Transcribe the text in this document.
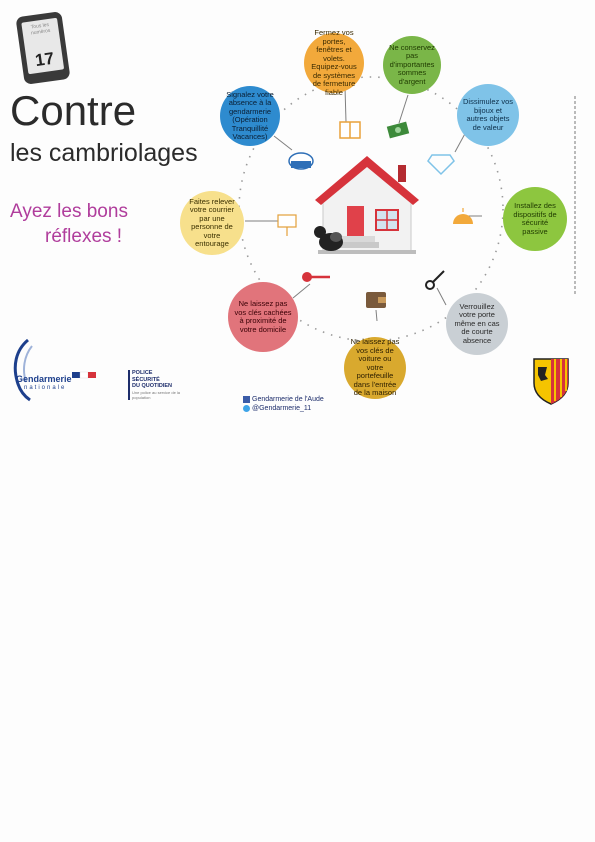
Tous les numéros
17
Contre
les cambriolages
Ayez les bons
réflexes !
Fermez vos portes, fenêtres et volets. Equipez-vous de systèmes de fermeture fiable
Ne conservez pas d'importantes sommes d'argent
Dissimulez vos bijoux et autres objets de valeur
Installez des dispositifs de sécurité passive
Verrouillez votre porte même en cas de courte absence
Ne laissez pas vos clés de voiture ou votre portefeuille dans l'entrée de la maison
Ne laissez pas vos clés cachées à proximité de votre domicile
Faites relever votre courrier par une personne de votre entourage
Signalez votre absence à la gendarmerie (Opération Tranquillité Vacances)
Gendarmerie
nationale
POLICE
SÉCURITÉ
DU QUOTIDIEN
Une police au service de la population	Gendarmerie de l'Aude
@Gendarmerie_11
